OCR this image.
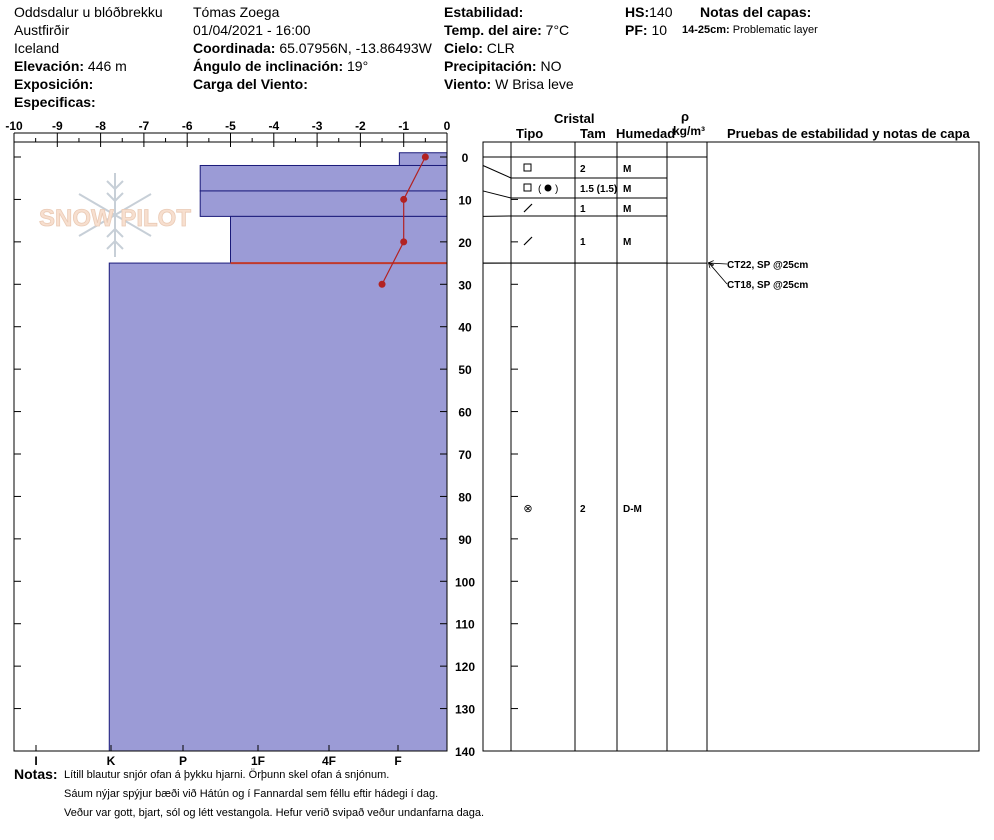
Oddsdalur u blóðbrekku
Austfirðir
Iceland
Elevación: 446 m
Exposición:
Especificas:
Tómas Zoega
01/04/2021 - 16:00
Coordinada: 65.07956N, -13.86493W
Ángulo de inclinación: 19°
Carga del Viento:
Estabilidad:
Temp. del aire: 7°C
Cielo: CLR
Precipitación: NO
Viento: W Brisa leve
HS:140
PF: 10
Notas del capas:
14-25cm: Problematic layer
SNOW PILOT
-10 -9	-8	-7	-6	-5	-4	-3	-2	-1	0
0
10
20
30
40
50
60
70
80
90
100
110
120
130
140
I	K	P	1F	4F	F
2	M
( ) 1.5 (1.5) M
1	M
1	M
⊗	2	D-M
CT22, SP @25cm
CT18, SP @25cm
Cristal
Tipo	Tam Humedad
ρ
kg/m³ Pruebas de estabilidad y notas de capa
Notas: Lítill blautur snjór ofan á þykku hjarni. Örþunn skel ofan á snjónum.
Sáum nýjar spýjur bæði við Hátún og í Fannardal sem féllu eftir hádegi í dag.
Veður var gott, bjart, sól og létt vestangola. Hefur verið svipað veður undanfarna daga.
